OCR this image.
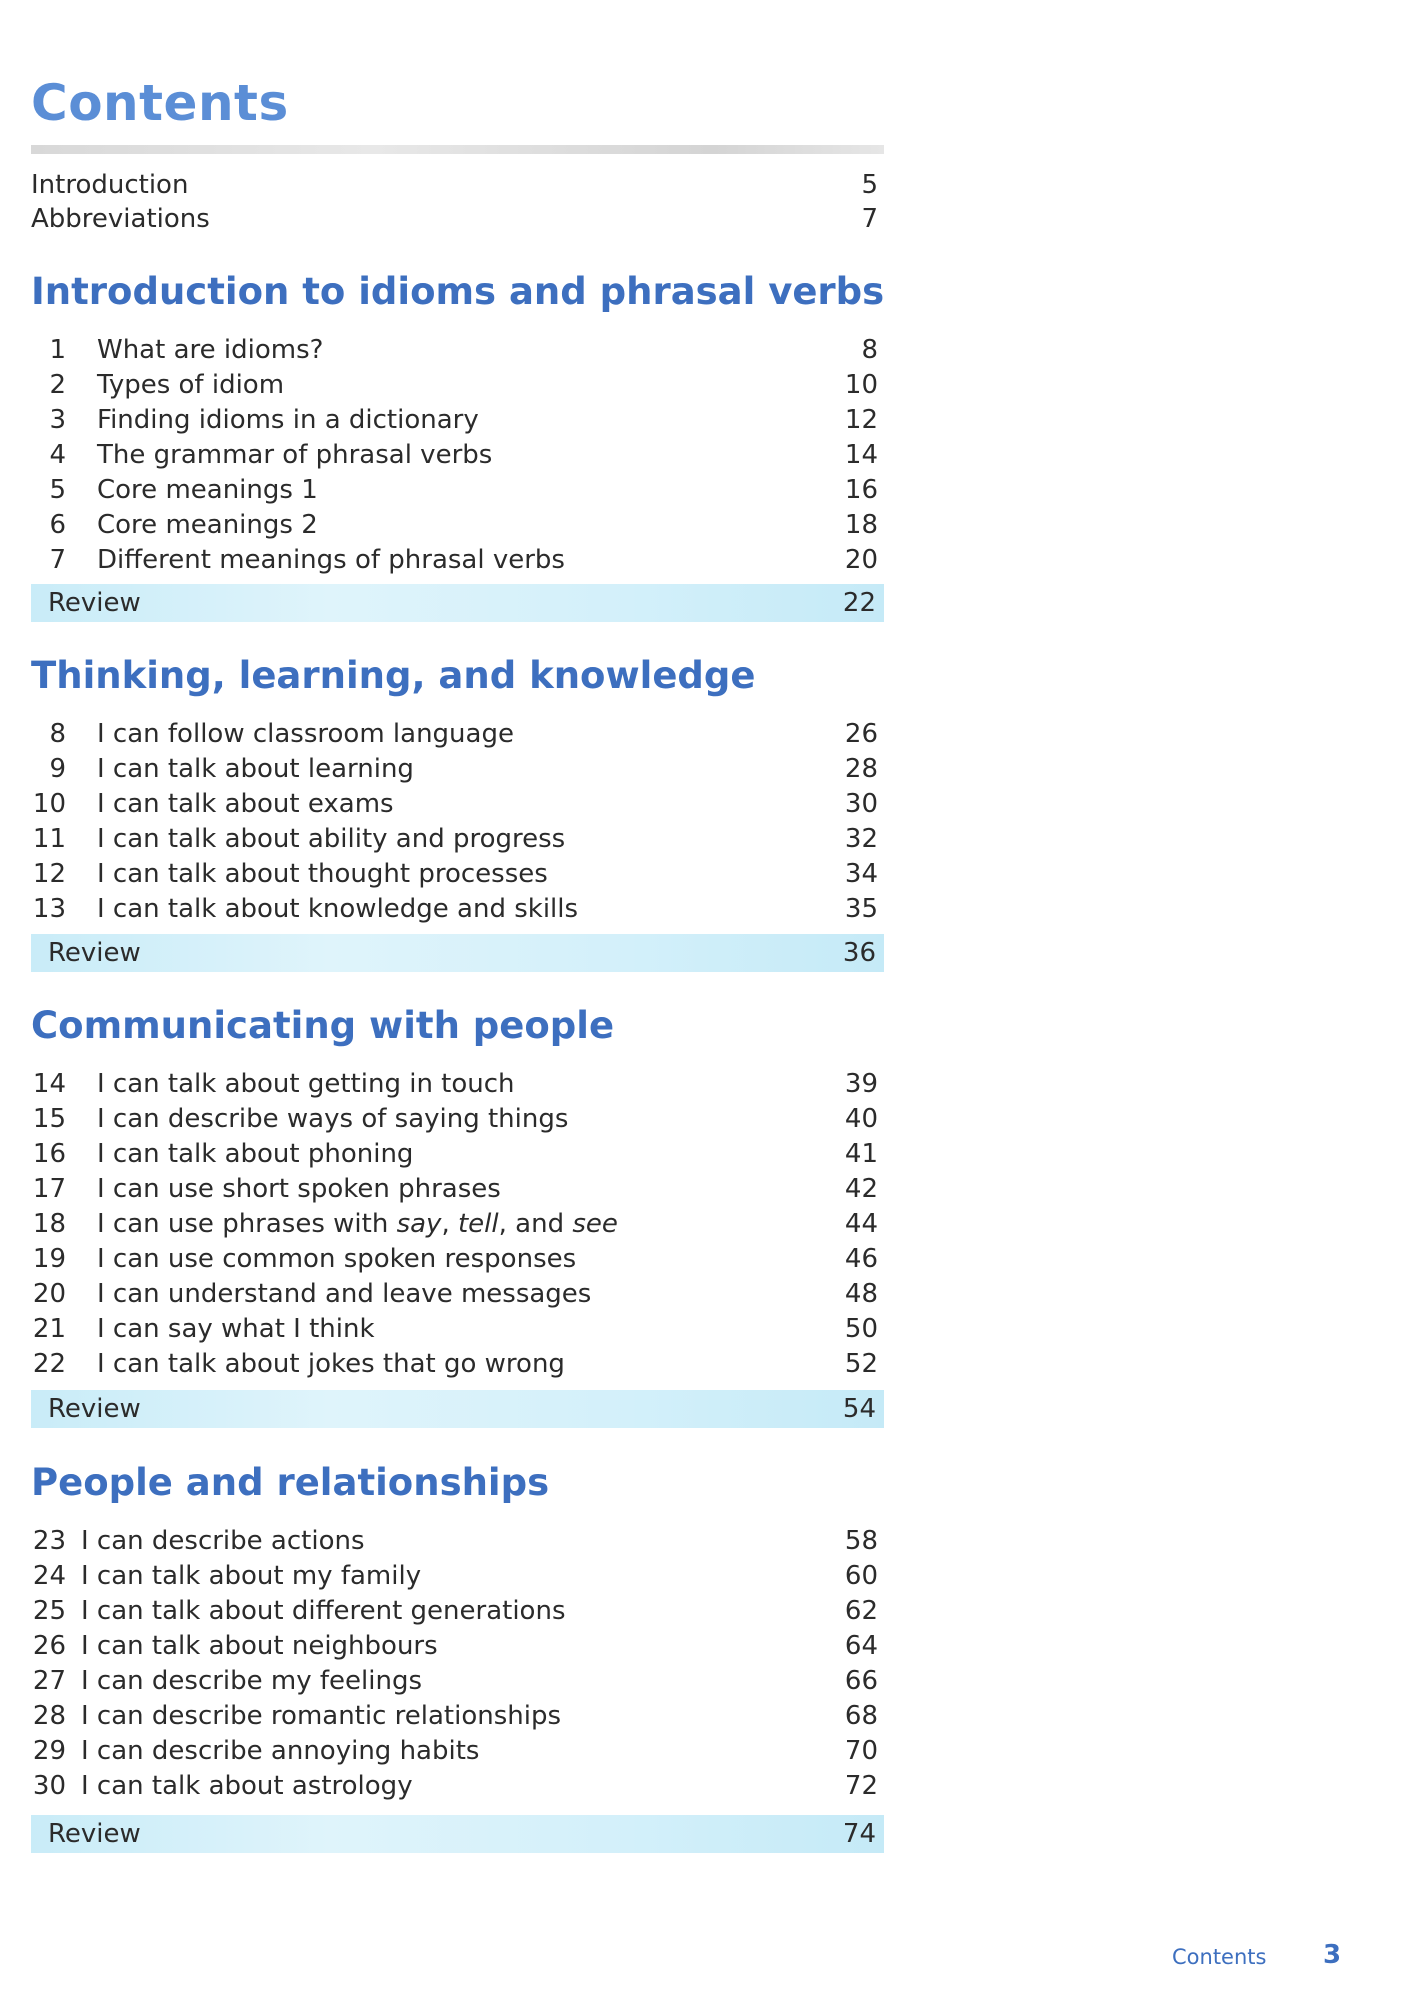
Contents
Introduction	5
Abbreviations	7
Introduction to idioms and phrasal verbs
1 What are idioms?	8
2 Types of idiom	10
3 Finding idioms in a dictionary	12
4 The grammar of phrasal verbs	14
5 Core meanings 1	16
6 Core meanings 2	18
7 Different meanings of phrasal verbs	20
Review	22
Thinking, learning, and knowledge
8 I can follow classroom language	26
9 I can talk about learning	28
10 I can talk about exams	30
11 I can talk about ability and progress	32
12 I can talk about thought processes	34
13 I can talk about knowledge and skills	35
Review	36
Communicating with people
14 I can talk about getting in touch	39
15 I can describe ways of saying things	40
16 I can talk about phoning	41
17 I can use short spoken phrases	42
18 I can use phrases with say, tell, and see	44
19 I can use common spoken responses	46
20 I can understand and leave messages	48
21 I can say what I think	50
22 I can talk about jokes that go wrong	52
Review	54
People and relationships
23 I can describe actions	58
24 I can talk about my family	60
25 I can talk about different generations	62
26 I can talk about neighbours	64
27 I can describe my feelings	66
28 I can describe romantic relationships	68
29 I can describe annoying habits	70
30 I can talk about astrology	72
Review	74
Contents 3
